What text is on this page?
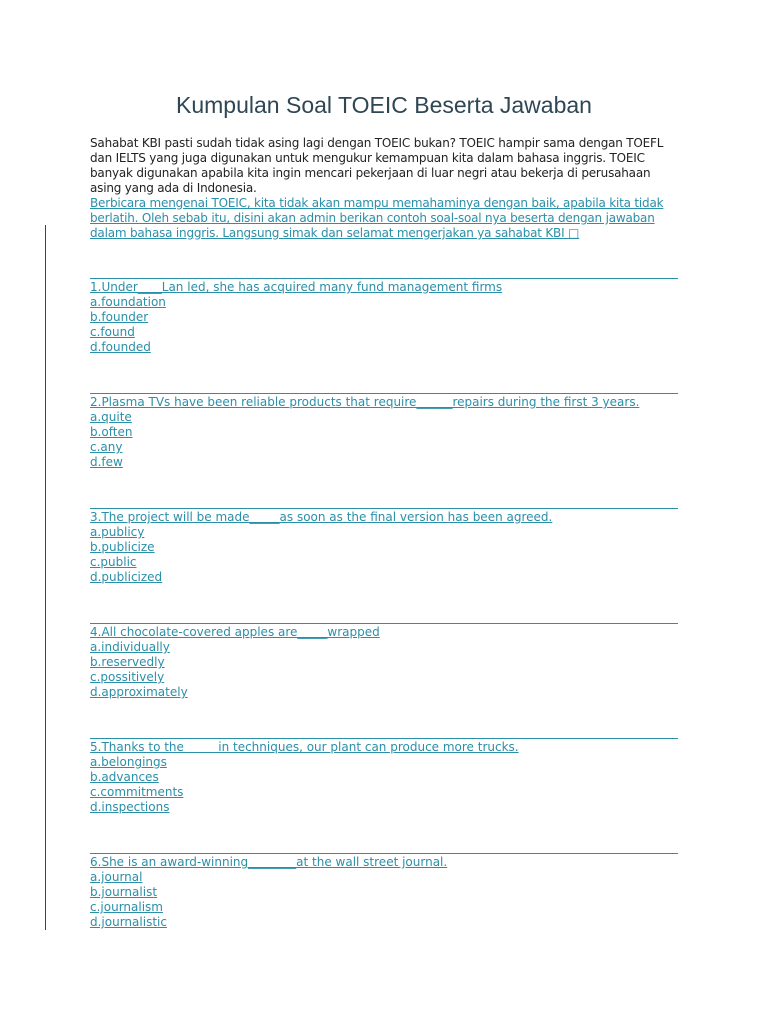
Kumpulan Soal TOEIC Beserta Jawaban

Sahabat KBI pasti sudah tidak asing lagi dengan TOEIC bukan? TOEIC hampir sama dengan TOEFL dan IELTS yang juga digunakan untuk mengukur kemampuan kita dalam bahasa inggris. TOEIC banyak digunakan apabila kita ingin mencari pekerjaan di luar negri atau bekerja di perusahaan asing yang ada di Indonesia.

Berbicara mengenai TOEIC, kita tidak akan mampu memahaminya dengan baik, apabila kita tidak berlatih. Oleh sebab itu, disini akan admin berikan contoh soal-soal nya beserta dengan jawaban dalam bahasa inggris. Langsung simak dan selamat mengerjakan ya sahabat KBI □

1.Under____Lan led, she has acquired many fund management firms
a.foundation
b.founder
c.found
d.founded
2.Plasma TVs have been reliable products that require______repairs during the first 3 years.
a.quite
b.often
c.any
d.few
3.The project will be made_____as soon as the final version has been agreed.
a.publicy
b.publicize
c.public
d.publicized
4.All chocolate-covered apples are_____wrapped
a.individually
b.reservedly
c.possitively
d.approximately
5.Thanks to the         in techniques, our plant can produce more trucks.
a.belongings
b.advances
c.commitments
d.inspections
6.She is an award-winning________at the wall street journal.
a.journal
b.journalist
c.journalism
d.journalistic
